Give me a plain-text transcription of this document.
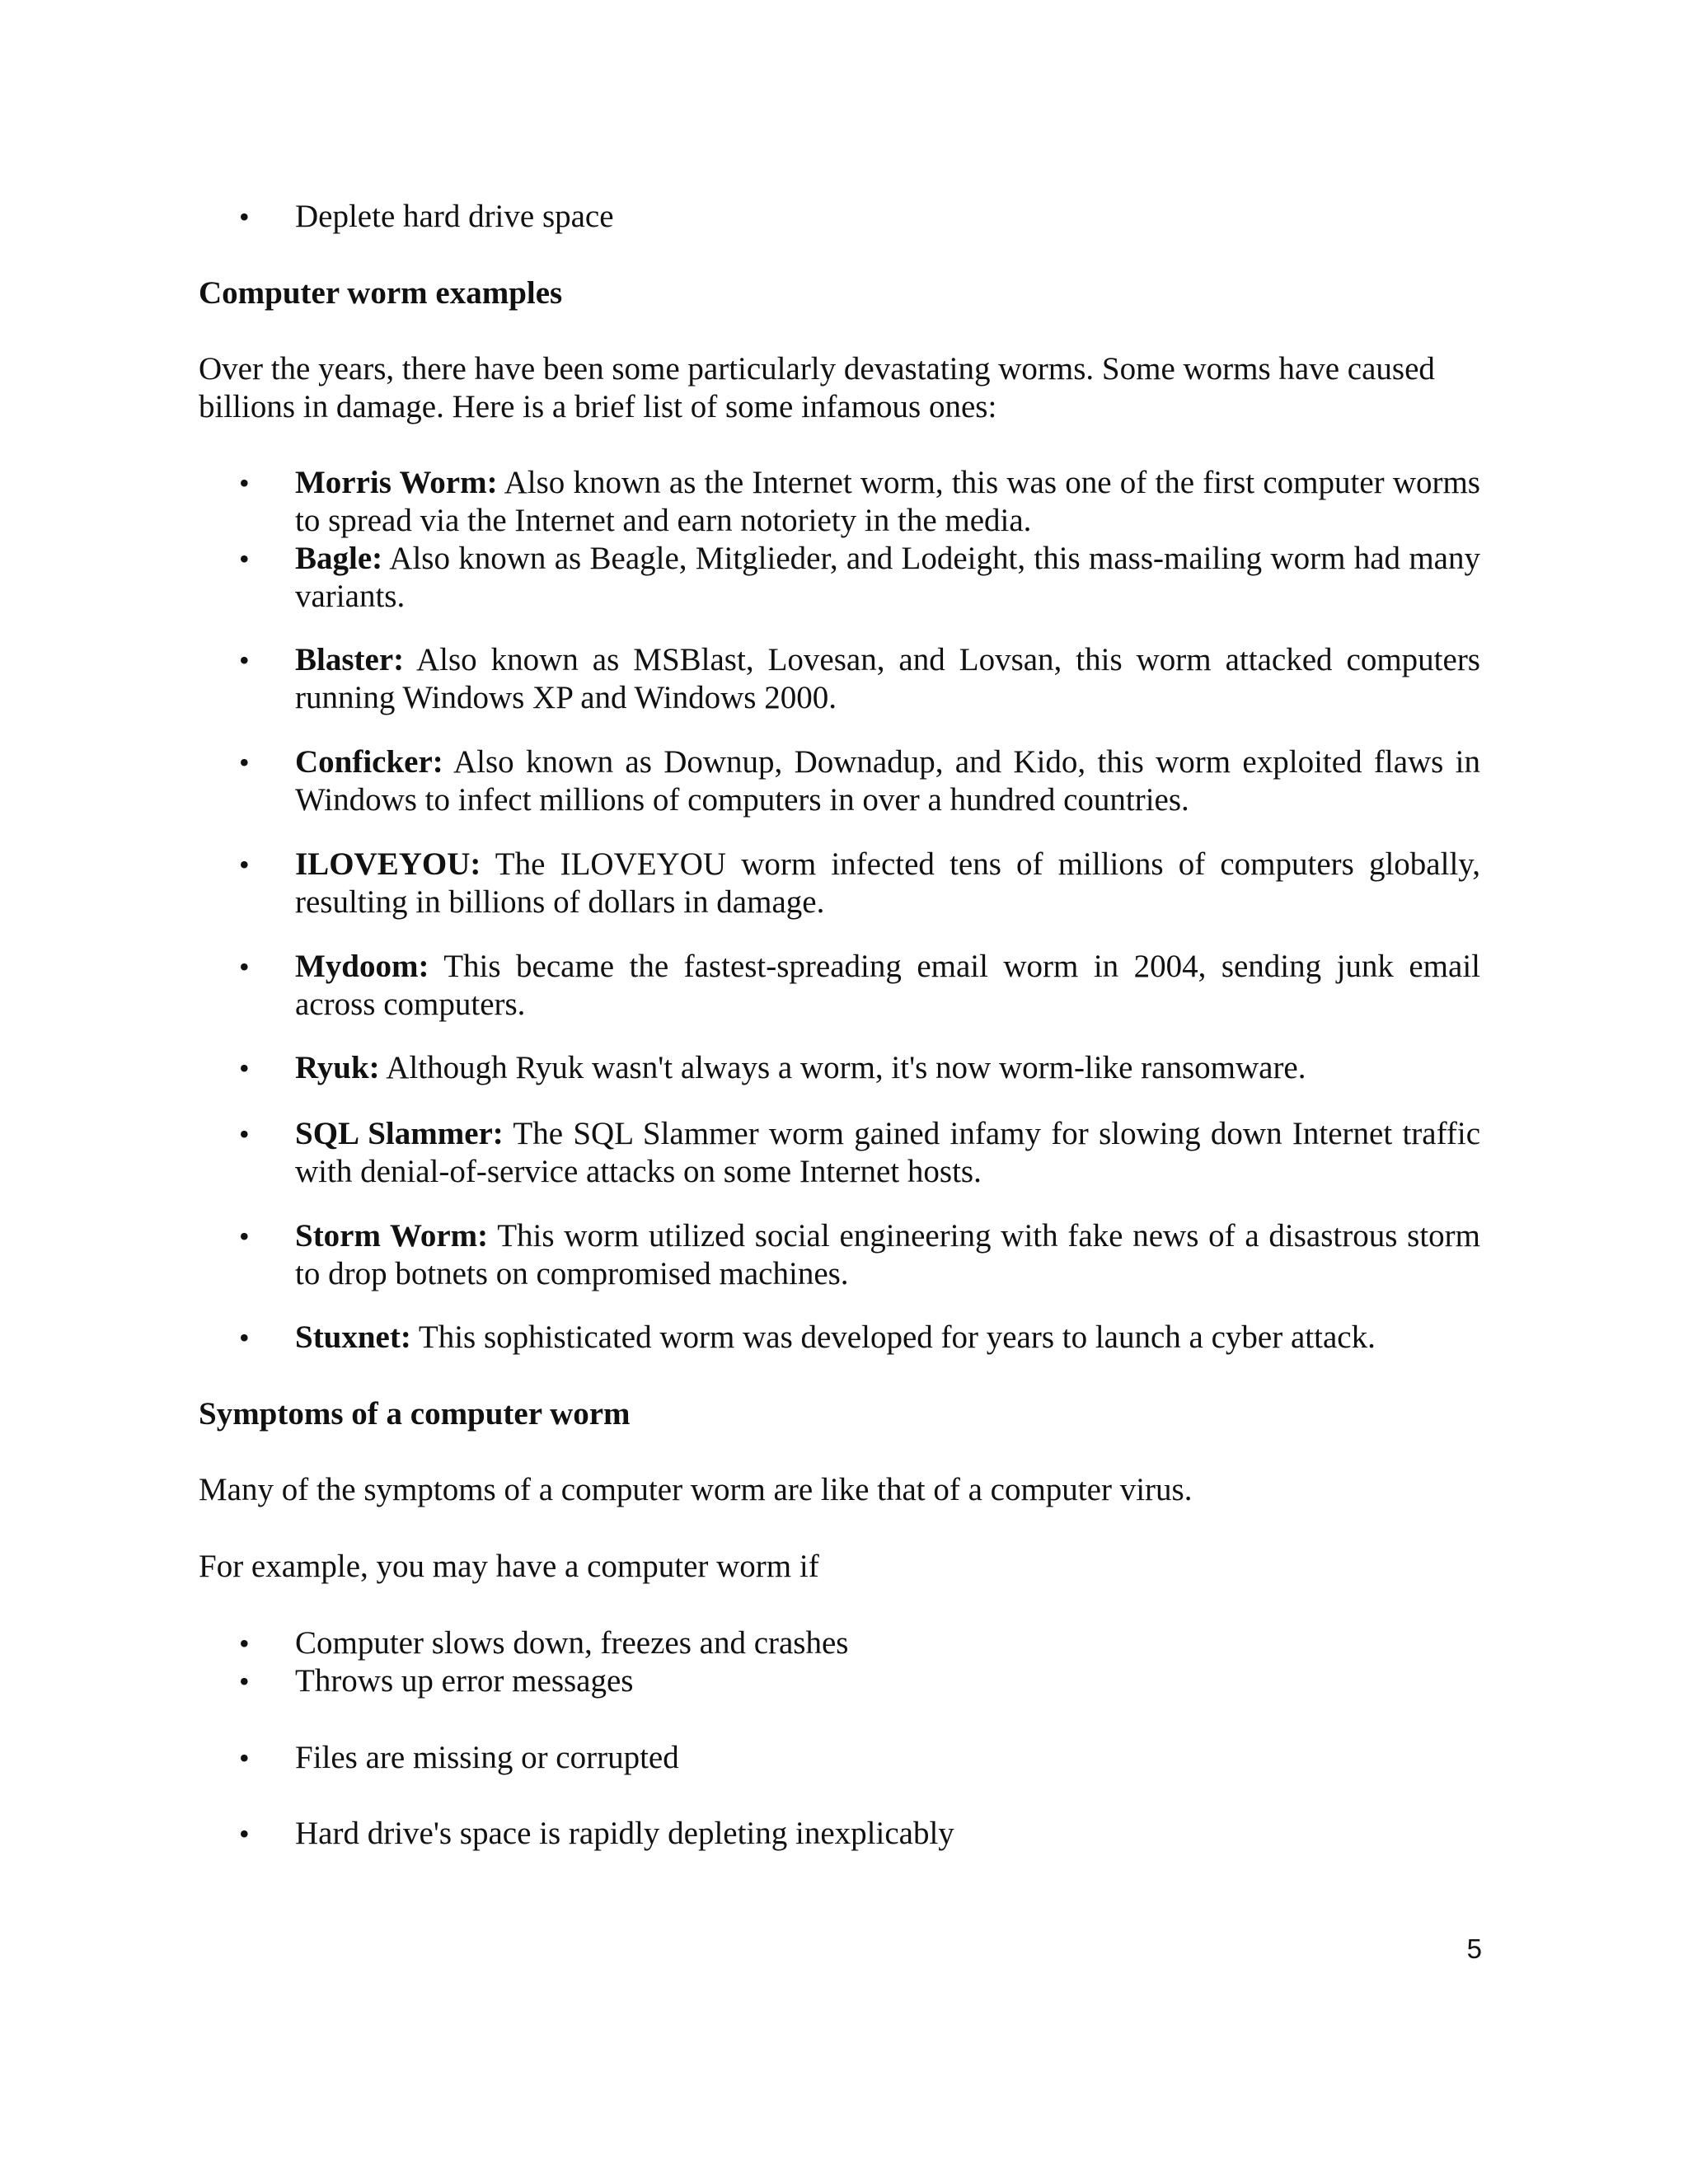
•	Deplete hard drive space

Computer worm examples

Over the years, there have been some particularly devastating worms. Some worms have caused billions in damage. Here is a brief list of some infamous ones:

•	Morris Worm: Also known as the Internet worm, this was one of the first computer worms to spread via the Internet and earn notoriety in the media.

•	Bagle: Also known as Beagle, Mitglieder, and Lodeight, this mass-mailing worm had many variants.

•	Blaster: Also known as MSBlast, Lovesan, and Lovsan, this worm attacked computers running Windows XP and Windows 2000.

•	Conficker: Also known as Downup, Downadup, and Kido, this worm exploited flaws in Windows to infect millions of computers in over a hundred countries.

•	ILOVEYOU: The ILOVEYOU worm infected tens of millions of computers globally, resulting in billions of dollars in damage.

•	Mydoom: This became the fastest-spreading email worm in 2004, sending junk email across computers.

•	Ryuk: Although Ryuk wasn't always a worm, it's now worm-like ransomware.

•	SQL Slammer: The SQL Slammer worm gained infamy for slowing down Internet traffic with denial-of-service attacks on some Internet hosts.

•	Storm Worm: This worm utilized social engineering with fake news of a disastrous storm to drop botnets on compromised machines.

•	Stuxnet: This sophisticated worm was developed for years to launch a cyber attack.

Symptoms of a computer worm

Many of the symptoms of a computer worm are like that of a computer virus.

For example, you may have a computer worm if

•	Computer slows down, freezes and crashes

•	Throws up error messages

•	Files are missing or corrupted

•	Hard drive's space is rapidly depleting inexplicably

5
